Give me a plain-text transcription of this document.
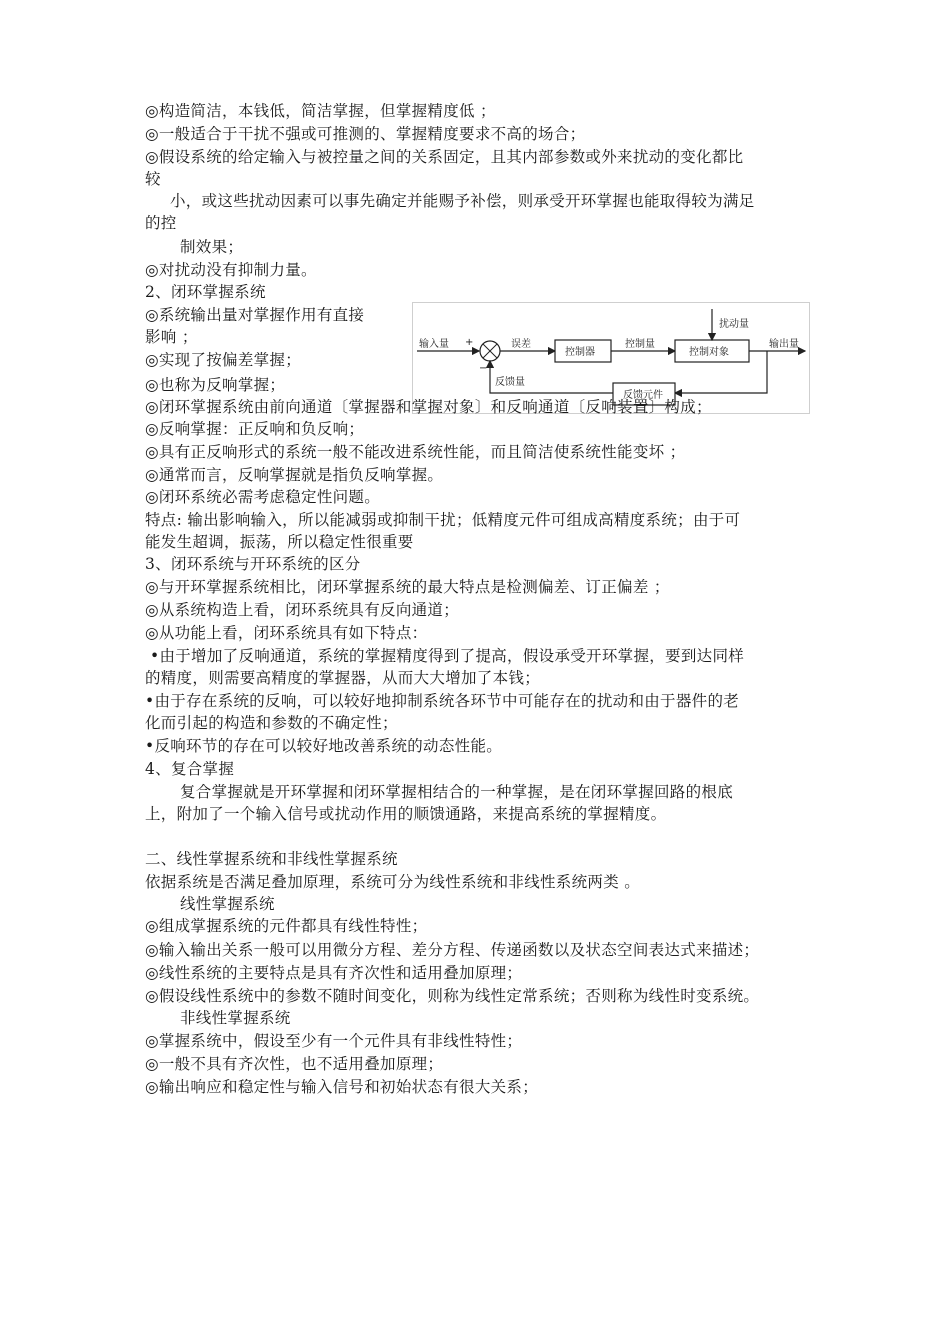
◎构造简洁，本钱低，简洁掌握，但掌握精度低 ；
◎一般适合于干扰不强或可推测的、掌握精度要求不高的场合；
◎假设系统的给定输入与被控量之间的关系固定，且其内部参数或外来扰动的变化都比
较
小，或这些扰动因素可以事先确定并能赐予补偿，则承受开环掌握也能取得较为满足
的控
制效果；
◎对扰动没有抑制力量。
2、闭环掌握系统
◎系统输出量对掌握作用有直接
影响 ；
◎实现了按偏差掌握；
◎也称为反响掌握；
输入量 +
−
误差
控制器
控制量
控制对象
扰动量
输出量
反馈元件
反馈量
◎闭环掌握系统由前向通道〔掌握器和掌握对象〕和反响通道〔反响装置〕构成；
◎反响掌握：正反响和负反响；
◎具有正反响形式的系统一般不能改进系统性能，而且简洁使系统性能变坏 ；
◎通常而言，反响掌握就是指负反响掌握。
◎闭环系统必需考虑稳定性问题。
特点: 输出影响输入，所以能减弱或抑制干扰；低精度元件可组成高精度系统；由于可
能发生超调，振荡，所以稳定性很重要
3、闭环系统与开环系统的区分
◎与开环掌握系统相比，闭环掌握系统的最大特点是检测偏差、订正偏差 ；
◎从系统构造上看，闭环系统具有反向通道；
◎从功能上看，闭环系统具有如下特点：
•由于增加了反响通道，系统的掌握精度得到了提高，假设承受开环掌握，要到达同样
的精度，则需要高精度的掌握器，从而大大增加了本钱；
•由于存在系统的反响，可以较好地抑制系统各环节中可能存在的扰动和由于器件的老
化而引起的构造和参数的不确定性；
•反响环节的存在可以较好地改善系统的动态性能。
4、复合掌握
复合掌握就是开环掌握和闭环掌握相结合的一种掌握，是在闭环掌握回路的根底
上，附加了一个输入信号或扰动作用的顺馈通路，来提高系统的掌握精度。
二、线性掌握系统和非线性掌握系统
依据系统是否满足叠加原理，系统可分为线性系统和非线性系统两类 。
线性掌握系统
◎组成掌握系统的元件都具有线性特性；
◎输入输出关系一般可以用微分方程、差分方程、传递函数以及状态空间表达式来描述；
◎线性系统的主要特点是具有齐次性和适用叠加原理；
◎假设线性系统中的参数不随时间变化，则称为线性定常系统；否则称为线性时变系统。
非线性掌握系统
◎掌握系统中，假设至少有一个元件具有非线性特性；
◎一般不具有齐次性，也不适用叠加原理；
◎输出响应和稳定性与输入信号和初始状态有很大关系；
